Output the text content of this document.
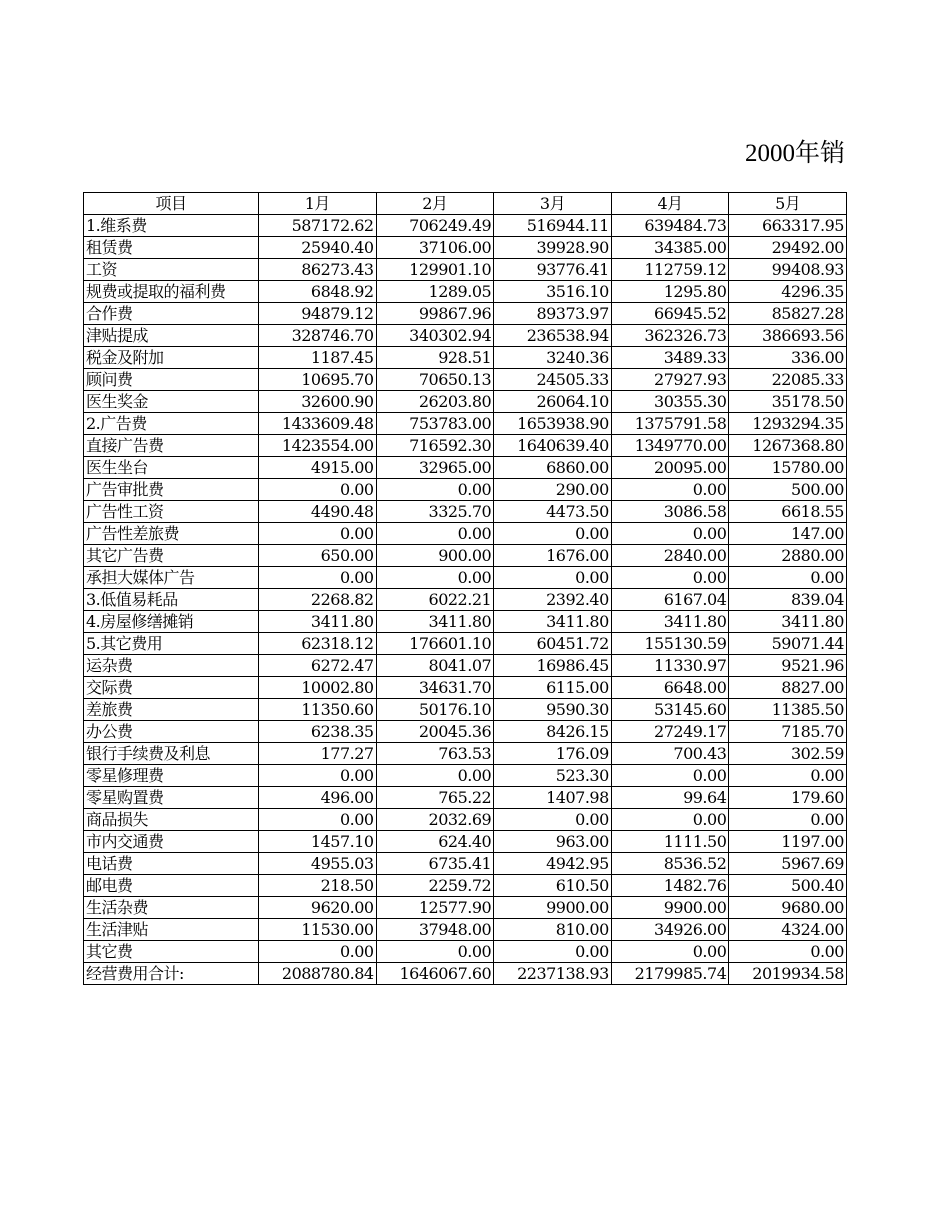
2000年销
项目	1月	2月	3月	4月	5月
1.维系费	587172.62	706249.49	516944.11	639484.73	663317.95
租赁费	25940.40	37106.00	39928.90	34385.00	29492.00
工资	86273.43	129901.10	93776.41	112759.12	99408.93
规费或提取的福利费	6848.92	1289.05	3516.10	1295.80	4296.35
合作费	94879.12	99867.96	89373.97	66945.52	85827.28
津贴提成	328746.70	340302.94	236538.94	362326.73	386693.56
税金及附加	1187.45	928.51	3240.36	3489.33	336.00
顾问费	10695.70	70650.13	24505.33	27927.93	22085.33
医生奖金	32600.90	26203.80	26064.10	30355.30	35178.50
2.广告费	1433609.48	753783.00	1653938.90	1375791.58	1293294.35
直接广告费	1423554.00	716592.30	1640639.40	1349770.00	1267368.80
医生坐台	4915.00	32965.00	6860.00	20095.00	15780.00
广告审批费	0.00	0.00	290.00	0.00	500.00
广告性工资	4490.48	3325.70	4473.50	3086.58	6618.55
广告性差旅费	0.00	0.00	0.00	0.00	147.00
其它广告费	650.00	900.00	1676.00	2840.00	2880.00
承担大媒体广告	0.00	0.00	0.00	0.00	0.00
3.低值易耗品	2268.82	6022.21	2392.40	6167.04	839.04
4.房屋修缮摊销	3411.80	3411.80	3411.80	3411.80	3411.80
5.其它费用	62318.12	176601.10	60451.72	155130.59	59071.44
运杂费	6272.47	8041.07	16986.45	11330.97	9521.96
交际费	10002.80	34631.70	6115.00	6648.00	8827.00
差旅费	11350.60	50176.10	9590.30	53145.60	11385.50
办公费	6238.35	20045.36	8426.15	27249.17	7185.70
银行手续费及利息	177.27	763.53	176.09	700.43	302.59
零星修理费	0.00	0.00	523.30	0.00	0.00
零星购置费	496.00	765.22	1407.98	99.64	179.60
商品损失	0.00	2032.69	0.00	0.00	0.00
市内交通费	1457.10	624.40	963.00	1111.50	1197.00
电话费	4955.03	6735.41	4942.95	8536.52	5967.69
邮电费	218.50	2259.72	610.50	1482.76	500.40
生活杂费	9620.00	12577.90	9900.00	9900.00	9680.00
生活津贴	11530.00	37948.00	810.00	34926.00	4324.00
其它费	0.00	0.00	0.00	0.00	0.00
经营费用合计:	2088780.84	1646067.60	2237138.93	2179985.74	2019934.58
